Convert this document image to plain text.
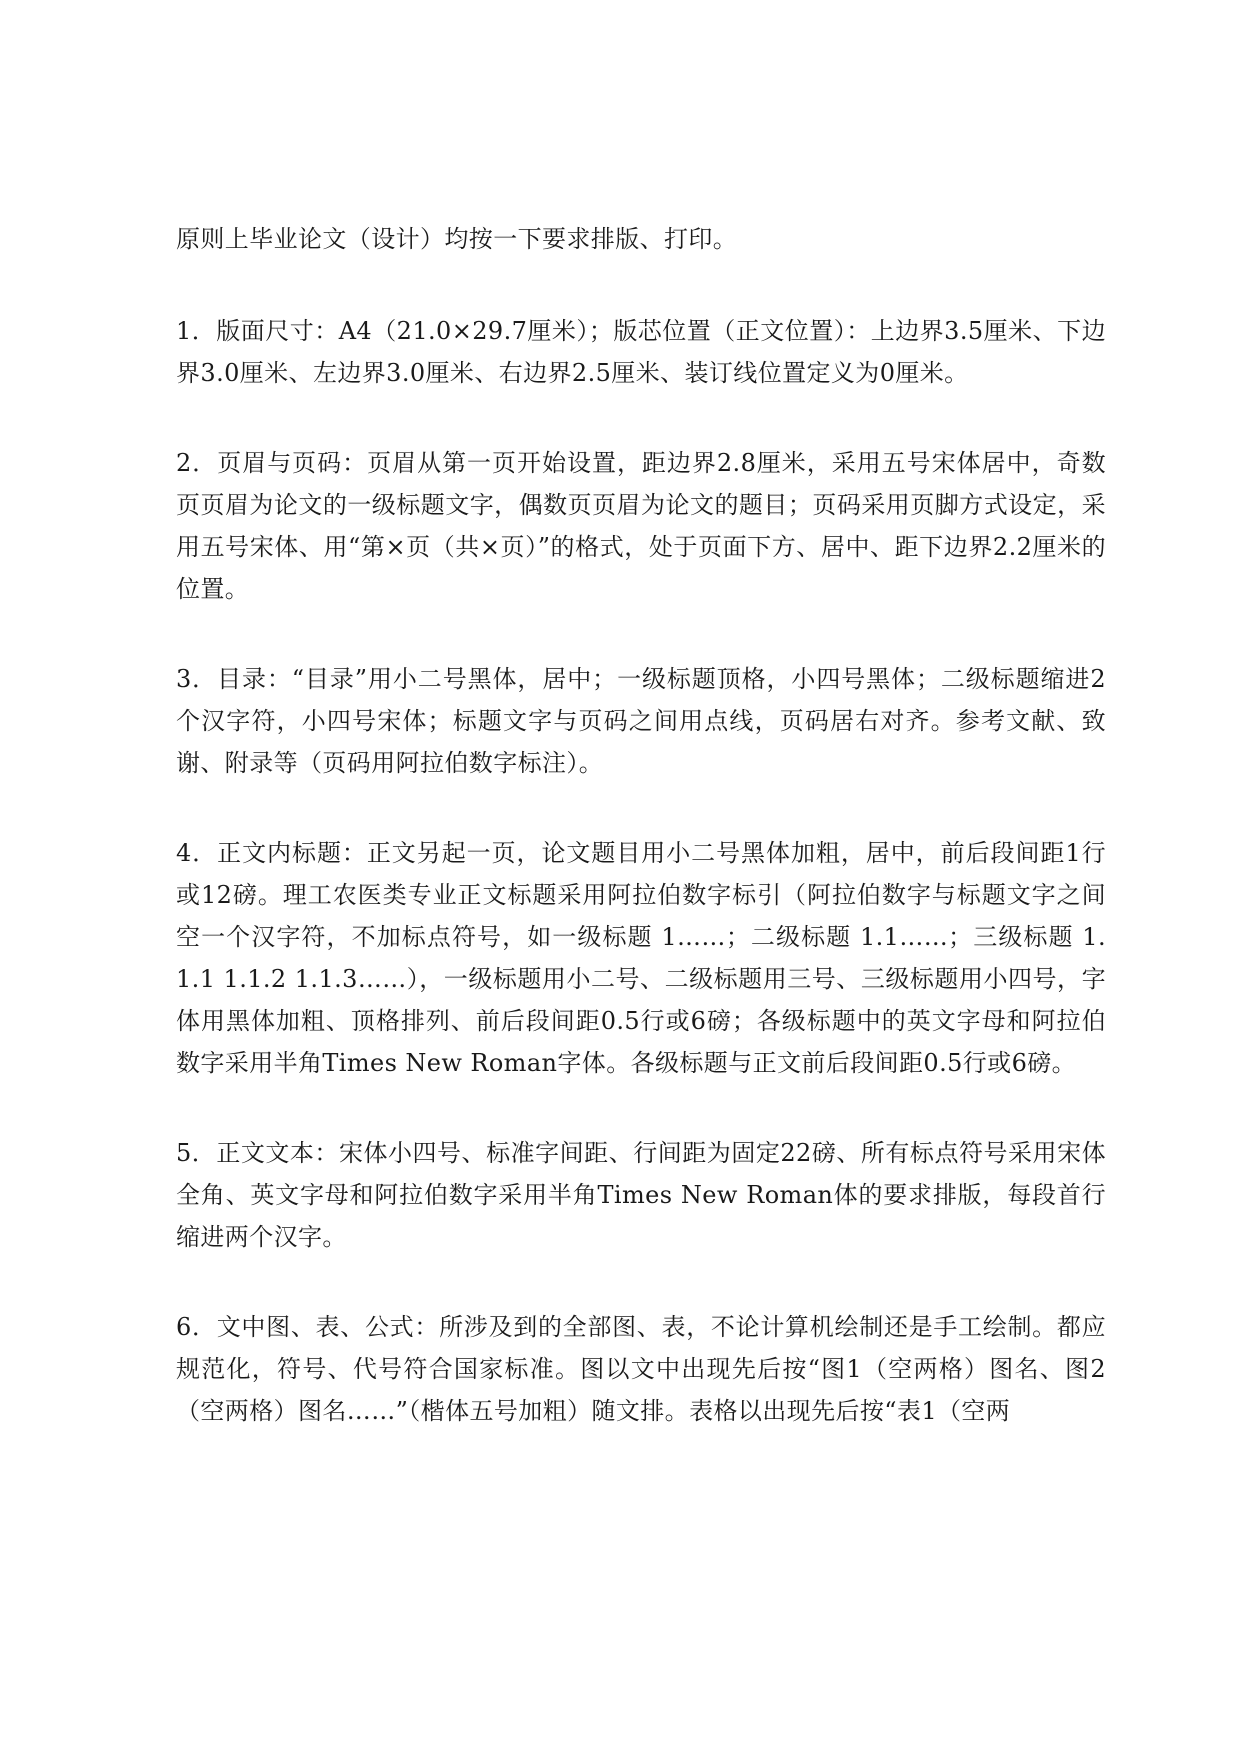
原则上毕业论文（设计）均按一下要求排版、打印。

1．版面尺寸：A4（21.0×29.7厘米）；版芯位置（正文位置）：上边界3.5厘米、下边界3.0厘米、左边界3.0厘米、右边界2.5厘米、装订线位置定义为0厘米。

2．页眉与页码：页眉从第一页开始设置，距边界2.8厘米，采用五号宋体居中，奇数页页眉为论文的一级标题文字，偶数页页眉为论文的题目；页码采用页脚方式设定，采用五号宋体、用“第×页（共×页）”的格式，处于页面下方、居中、距下边界2.2厘米的位置。

3．目录：“目录”用小二号黑体，居中；一级标题顶格，小四号黑体；二级标题缩进2个汉字符，小四号宋体；标题文字与页码之间用点线，页码居右对齐。参考文献、致谢、附录等（页码用阿拉伯数字标注）。

4．正文内标题：正文另起一页，论文题目用小二号黑体加粗，居中，前后段间距1行或12磅。理工农医类专业正文标题采用阿拉伯数字标引（阿拉伯数字与标题文字之间空一个汉字符，不加标点符号，如一级标题 1……；二级标题 1.1……；三级标题 1.1.1 1.1.2 1.1.3……），一级标题用小二号、二级标题用三号、三级标题用小四号，字体用黑体加粗、顶格排列、前后段间距0.5行或6磅；各级标题中的英文字母和阿拉伯数字采用半角Times New Roman字体。各级标题与正文前后段间距0.5行或6磅。

5．正文文本：宋体小四号、标准字间距、行间距为固定22磅、所有标点符号采用宋体全角、英文字母和阿拉伯数字采用半角Times New Roman体的要求排版，每段首行缩进两个汉字。

6．文中图、表、公式：所涉及到的全部图、表，不论计算机绘制还是手工绘制。都应规范化，符号、代号符合国家标准。图以文中出现先后按“图1（空两格）图名、图2（空两格）图名……”（楷体五号加粗）随文排。表格以出现先后按“表1（空两
